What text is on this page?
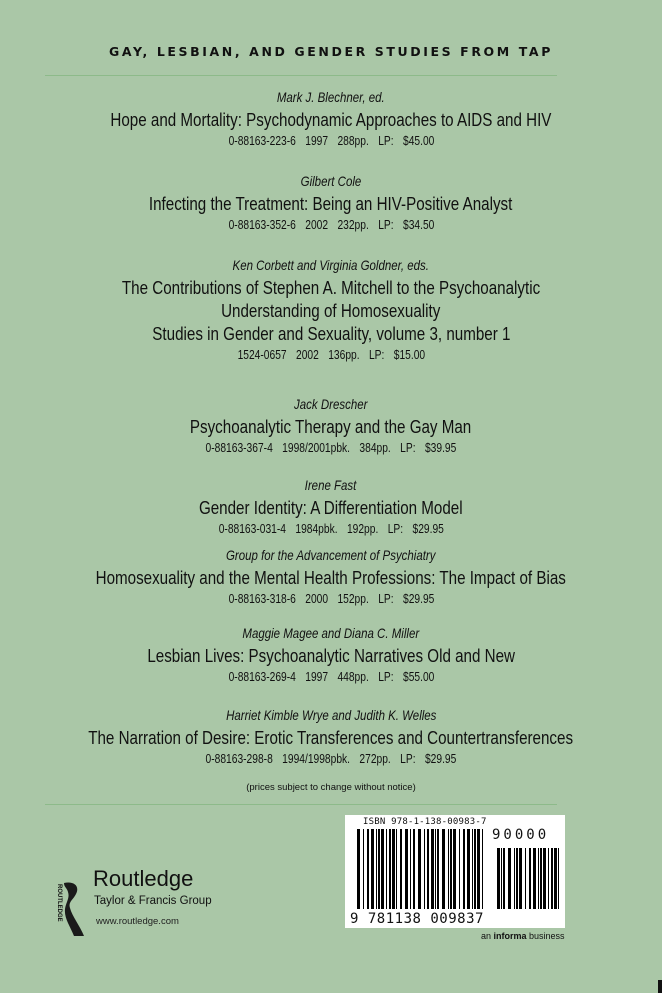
GAY, LESBIAN, AND GENDER STUDIES FROM TAP
Mark J. Blechner, ed.
Hope and Mortality: Psychodynamic Approaches to AIDS and HIV
0-88163-223-6 1997 288pp. LP: $45.00
Gilbert Cole
Infecting the Treatment: Being an HIV-Positive Analyst
0-88163-352-6 2002 232pp. LP: $34.50
Ken Corbett and Virginia Goldner, eds.
The Contributions of Stephen A. Mitchell to the Psychoanalytic
Understanding of Homosexuality
Studies in Gender and Sexuality, volume 3, number 1
1524-0657 2002 136pp. LP: $15.00
Jack Drescher
Psychoanalytic Therapy and the Gay Man
0-88163-367-4 1998/2001pbk. 384pp. LP: $39.95
Irene Fast
Gender Identity: A Differentiation Model
0-88163-031-4 1984pbk. 192pp. LP: $29.95
Group for the Advancement of Psychiatry
Homosexuality and the Mental Health Professions: The Impact of Bias
0-88163-318-6 2000 152pp. LP: $29.95
Maggie Magee and Diana C. Miller
Lesbian Lives: Psychoanalytic Narratives Old and New
0-88163-269-4 1997 448pp. LP: $55.00
Harriet Kimble Wrye and Judith K. Welles
The Narration of Desire: Erotic Transferences and Countertransferences
0-88163-298-8 1994/1998pbk. 272pp. LP: $29.95
(prices subject to change without notice)
ROUTLEDGE
Routledge
Taylor & Francis Group
www.routledge.com
ISBN 978-1-138-00983-7
90000
9 781138 009837
an informa business
